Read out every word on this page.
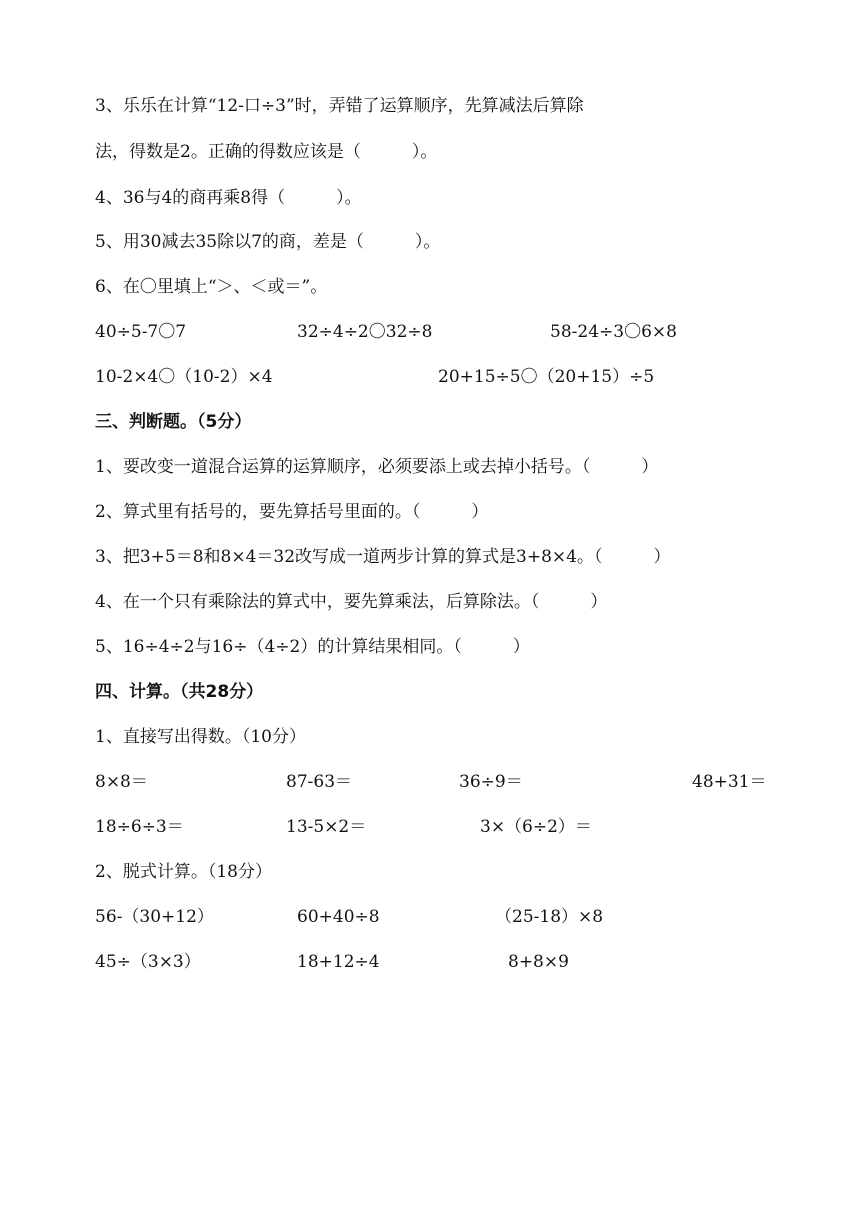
3、乐乐在计算“12-口÷3”时，弄错了运算顺序，先算减法后算除
法，得数是2。正确的得数应该是（　　　）。
4、36与4的商再乘8得（　　　）。
5、用30减去35除以7的商，差是（　　　）。
6、在〇里填上“＞、＜或＝”。
40÷5-7〇7	32÷4÷2〇32÷8	58-24÷3〇6×8
10-2×4〇（10-2）×4	20+15÷5〇（20+15）÷5
三、判断题。（5分）
1、要改变一道混合运算的运算顺序，必须要添上或去掉小括号。（　　　）
2、算式里有括号的，要先算括号里面的。（　　　）
3、把3+5＝8和8×4＝32改写成一道两步计算的算式是3+8×4。（　　　）
4、在一个只有乘除法的算式中，要先算乘法，后算除法。（　　　）
5、16÷4÷2与16÷（4÷2）的计算结果相同。（　　　）
四、计算。（共28分）
1、直接写出得数。（10分）
8×8＝	87-63＝	36÷9＝	48+31＝
18÷6÷3＝	13-5×2＝	3×（6÷2）＝
2、脱式计算。（18分）
56-（30+12）	60+40÷8	（25-18）×8
45÷（3×3）	18+12÷4	8+8×9
